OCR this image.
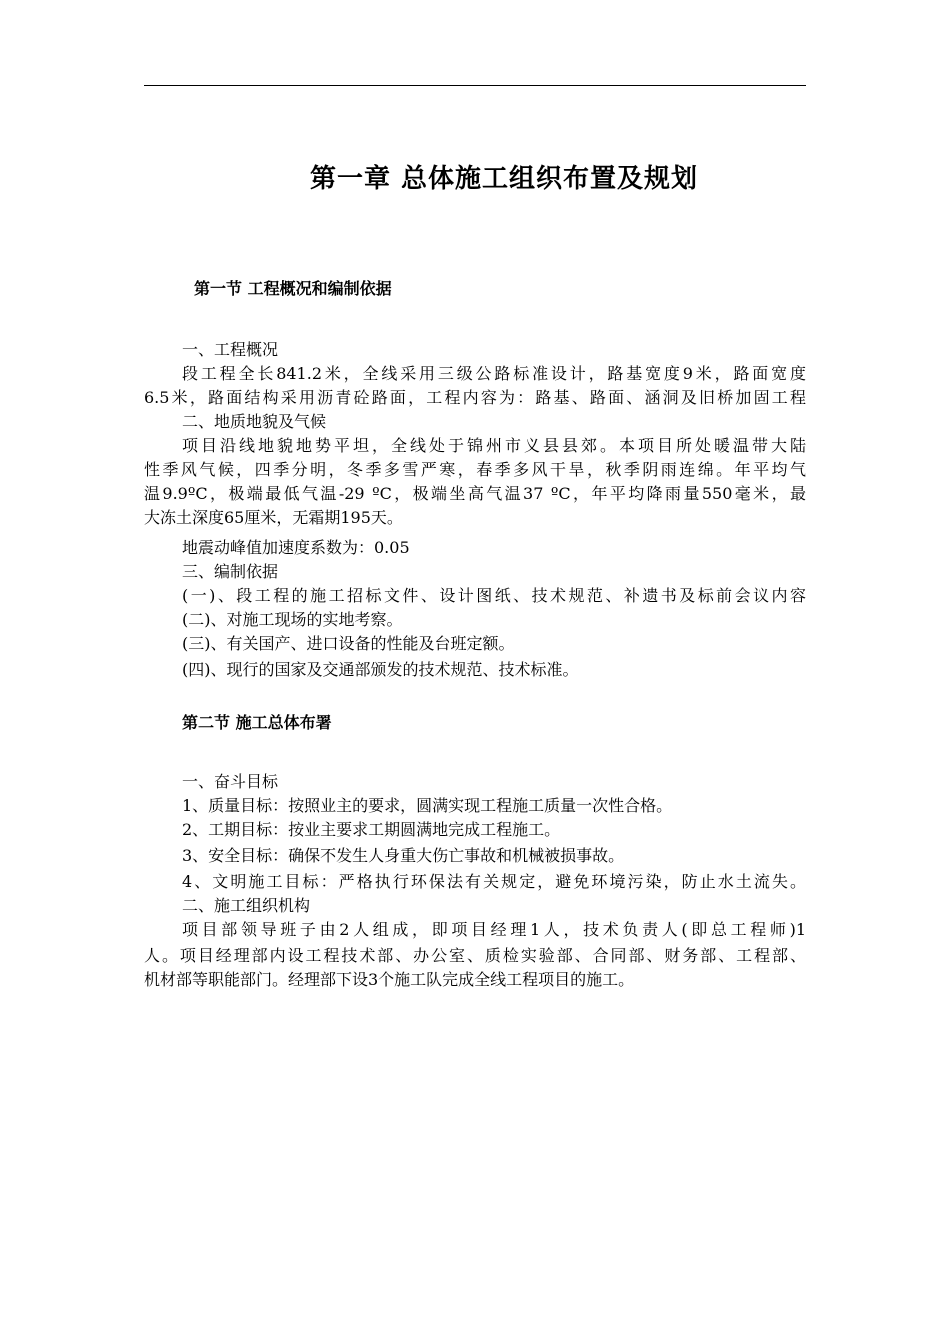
第一章 总体施工组织布置及规划
第一节 工程概况和编制依据
一、工程概况
段工程全长841.2米，全线采用三级公路标准设计，路基宽度9米，路面宽度
6.5米，路面结构采用沥青砼路面，工程内容为：路基、路面、涵洞及旧桥加固工程
二、地质地貌及气候
项目沿线地貌地势平坦，全线处于锦州市义县县郊。本项目所处暖温带大陆
性季风气候，四季分明，冬季多雪严寒，春季多风干旱，秋季阴雨连绵。年平均气
温9.9ºC，极端最低气温-29 ºC，极端坐高气温37 ºC，年平均降雨量550毫米，最
大冻土深度65厘米，无霜期195天。
地震动峰值加速度系数为：0.05
三、编制依据
(一)、段工程的施工招标文件、设计图纸、技术规范、补遗书及标前会议内容
(二)、对施工现场的实地考察。
(三)、有关国产、进口设备的性能及台班定额。
(四)、现行的国家及交通部颁发的技术规范、技术标准。
第二节 施工总体布署
一、奋斗目标
1、质量目标：按照业主的要求，圆满实现工程施工质量一次性合格。
2、工期目标：按业主要求工期圆满地完成工程施工。
3、安全目标：确保不发生人身重大伤亡事故和机械被损事故。
4、文明施工目标：严格执行环保法有关规定，避免环境污染，防止水土流失。
二、施工组织机构
项目部领导班子由2人组成，即项目经理1人，技术负责人(即总工程师)1
人。项目经理部内设工程技术部、办公室、质检实验部、合同部、财务部、工程部、
机材部等职能部门。经理部下设3个施工队完成全线工程项目的施工。
